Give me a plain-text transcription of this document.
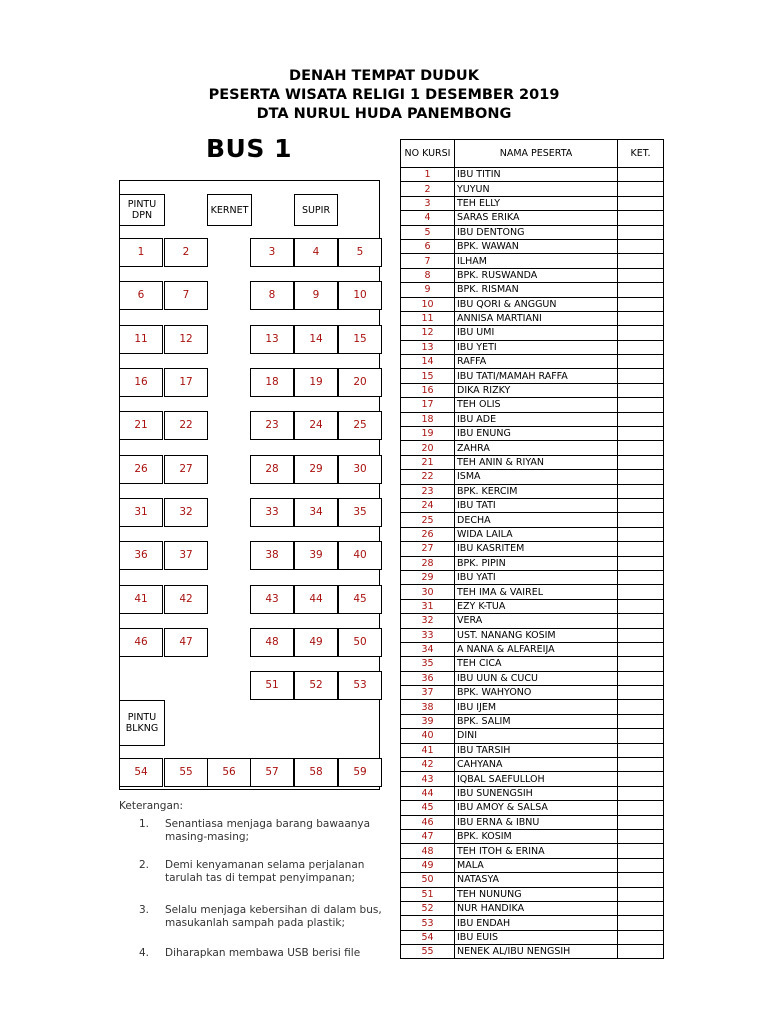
DENAH TEMPAT DUDUK
PESERTA WISATA RELIGI 1 DESEMBER 2019
DTA NURUL HUDA PANEMBONG
BUS 1
PINTU DPN	KERNET	SUPIR
PINTU BLKNG
1	2	3	4	5
6	7	8	9	10
11	12	13	14	15
16	17	18	19	20
21	22	23	24	25
26	27	28	29	30
31	32	33	34	35
36	37	38	39	40
41	42	43	44	45
46	47	48	49	50
51	52	53
54	55	56	57	58	59
Keterangan:
1. Senantiasa menjaga barang bawaanya masing-masing;
2. Demi kenyamanan selama perjalanan tarulah tas di tempat penyimpanan;
3. Selalu menjaga kebersihan di dalam bus, masukanlah sampah pada plastik;
4. Diharapkan membawa USB berisi file
NO KURSI	NAMA PESERTA	KET.
1	IBU TITIN	
2	YUYUN	
3	TEH ELLY	
4	SARAS ERIKA	
5	IBU DENTONG	
6	BPK. WAWAN	
7	ILHAM	
8	BPK. RUSWANDA	
9	BPK. RISMAN	
10	IBU QORI & ANGGUN	
11	ANNISA MARTIANI	
12	IBU UMI	
13	IBU YETI	
14	RAFFA	
15	IBU TATI/MAMAH RAFFA	
16	DIKA RIZKY	
17	TEH OLIS	
18	IBU ADE	
19	IBU ENUNG	
20	ZAHRA	
21	TEH ANIN & RIYAN	
22	ISMA	
23	BPK. KERCIM	
24	IBU TATI	
25	DECHA	
26	WIDA LAILA	
27	IBU KASRITEM	
28	BPK. PIPIN	
29	IBU YATI	
30	TEH IMA & VAIREL	
31	EZY K-TUA	
32	VERA	
33	UST. NANANG KOSIM	
34	A NANA & ALFAREIJA	
35	TEH CICA	
36	IBU UUN & CUCU	
37	BPK. WAHYONO	
38	IBU IJEM	
39	BPK. SALIM	
40	DINI	
41	IBU TARSIH	
42	CAHYANA	
43	IQBAL SAEFULLOH	
44	IBU SUNENGSIH	
45	IBU AMOY & SALSA	
46	IBU ERNA & IBNU	
47	BPK. KOSIM	
48	TEH ITOH & ERINA	
49	MALA	
50	NATASYA	
51	TEH NUNUNG	
52	NUR HANDIKA	
53	IBU ENDAH	
54	IBU EUIS	
55	NENEK AL/IBU NENGSIH	
